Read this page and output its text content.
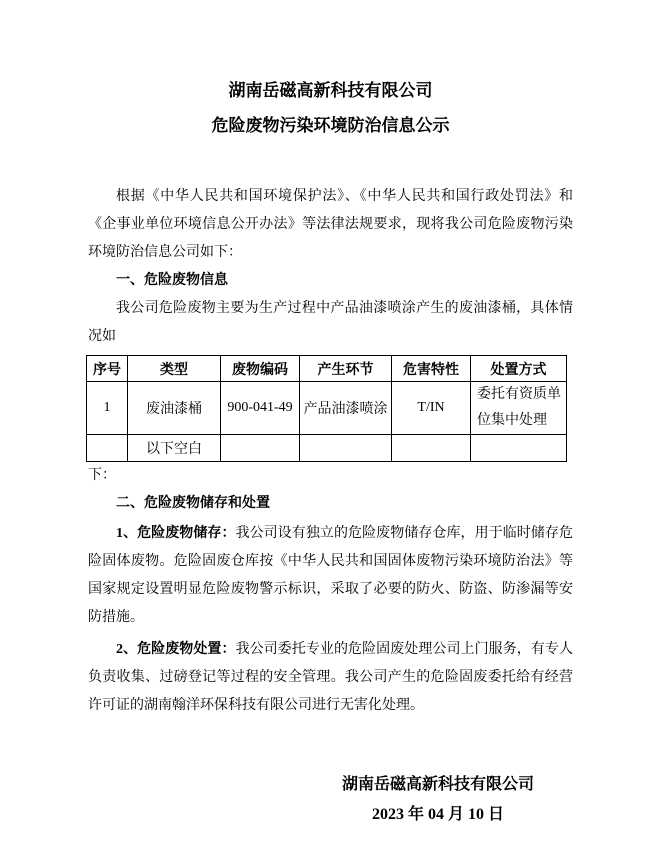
湖南岳磁高新科技有限公司
危险废物污染环境防治信息公示

根据《中华人民共和国环境保护法》、《中华人民共和国行政处罚法》和《企事业单位环境信息公开办法》等法律法规要求，现将我公司危险废物污染环境防治信息公司如下：

一、危险废物信息

我公司危险废物主要为生产过程中产品油漆喷涂产生的废油漆桶，具体情况如

序号	类型	废物编码	产生环节	危害特性	处置方式
1	废油漆桶	900-041-49	产品油漆喷涂	T/IN	委托有资质单位集中处理
	以下空白				

下：

二、危险废物储存和处置

1、危险废物储存：我公司设有独立的危险废物储存仓库，用于临时储存危险固体废物。危险固废仓库按《中华人民共和国固体废物污染环境防治法》等国家规定设置明显危险废物警示标识，采取了必要的防火、防盗、防渗漏等安防措施。

2、危险废物处置：我公司委托专业的危险固废处理公司上门服务，有专人负责收集、过磅登记等过程的安全管理。我公司产生的危险固废委托给有经营许可证的湖南翰洋环保科技有限公司进行无害化处理。

湖南岳磁高新科技有限公司
2023 年 04 月 10 日
